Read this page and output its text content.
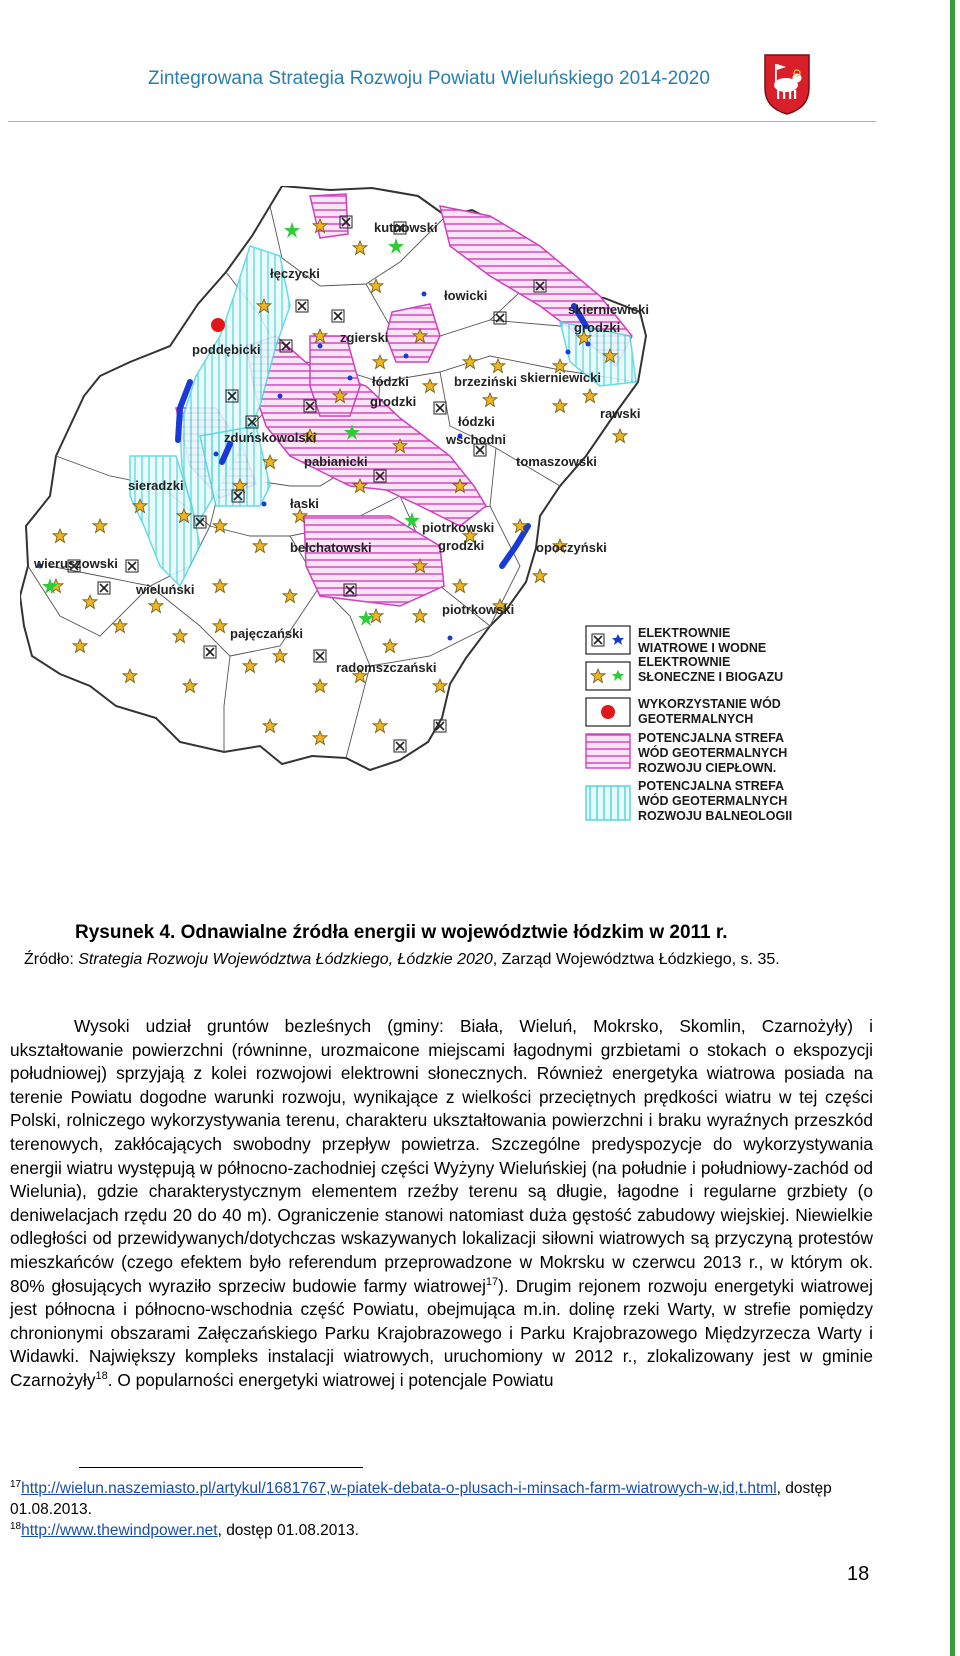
Zintegrowana Strategia Rozwoju Powiatu Wieluńskiego 2014-2020
kutnowski
łęczycki
łowicki
skierniewicki
grodzki
zgierski
poddębicki
łódzki
grodzki
brzeziński skierniewicki
rawski
łódzki
wschodni
zduńskowolski
pabianicki	tomaszowski
sieradzki
łaski
piotrkowski
grodzki
bełchatowski	opoczyński
wieruszowski
wieluński
piotrkowski
pajęczański
radomszczański
ELEKTROWNIE
WIATROWE I WODNE
ELEKTROWNIE
SŁONECZNE I BIOGAZU
WYKORZYSTANIE WÓD
GEOTERMALNYCH
POTENCJALNA STREFA
WÓD GEOTERMALNYCH
ROZWOJU CIEPŁOWN.
POTENCJALNA STREFA
WÓD GEOTERMALNYCH
ROZWOJU BALNEOLOGII
Rysunek 4. Odnawialne źródła energii w województwie łódzkim w 2011 r.
Źródło: Strategia Rozwoju Województwa Łódzkiego, Łódzkie 2020, Zarząd Województwa Łódzkiego, s. 35.

Wysoki udział gruntów bezleśnych (gminy: Biała, Wieluń, Mokrsko, Skomlin, Czarnożyły) i ukształtowanie powierzchni (równinne, urozmaicone miejscami łagodnymi grzbietami o stokach o ekspozycji południowej) sprzyjają z kolei rozwojowi elektrowni słonecznych. Również energetyka wiatrowa posiada na terenie Powiatu dogodne warunki rozwoju, wynikające z wielkości przeciętnych prędkości wiatru w tej części Polski, rolniczego wykorzystywania terenu, charakteru ukształtowania powierzchni i braku wyraźnych przeszkód terenowych, zakłócających swobodny przepływ powietrza. Szczególne predyspozycje do wykorzystywania energii wiatru występują w północno-zachodniej części Wyżyny Wieluńskiej (na południe i południowy-zachód od Wielunia), gdzie charakterystycznym elementem rzeźby terenu są długie, łagodne i regularne grzbiety (o deniwelacjach rzędu 20 do 40 m). Ograniczenie stanowi natomiast duża gęstość zabudowy wiejskiej. Niewielkie odległości od przewidywanych/dotychczas wskazywanych lokalizacji siłowni wiatrowych są przyczyną protestów mieszkańców (czego efektem było referendum przeprowadzone w Mokrsku w czerwcu 2013 r., w którym ok. 80% głosujących wyraziło sprzeciw budowie farmy wiatrowej$^{17}$). Drugim rejonem rozwoju energetyki wiatrowej jest północna i północno-wschodnia część Powiatu, obejmująca m.in. dolinę rzeki Warty, w strefie pomiędzy chronionymi obszarami Załęczańskiego Parku Krajobrazowego i Parku Krajobrazowego Międzyrzecza Warty i Widawki. Największy kompleks instalacji wiatrowych, uruchomiony w 2012 r., zlokalizowany jest w gminie Czarnożyły$^{18}$. O popularności energetyki wiatrowej i potencjale Powiatu

$^{17}$http://wielun.naszemiasto.pl/artykul/1681767,w-piatek-debata-o-plusach-i-minsach-farm-wiatrowych-w,id,t.html, dostęp 01.08.2013.
$^{18}$http://www.thewindpower.net, dostęp 01.08.2013.
18
